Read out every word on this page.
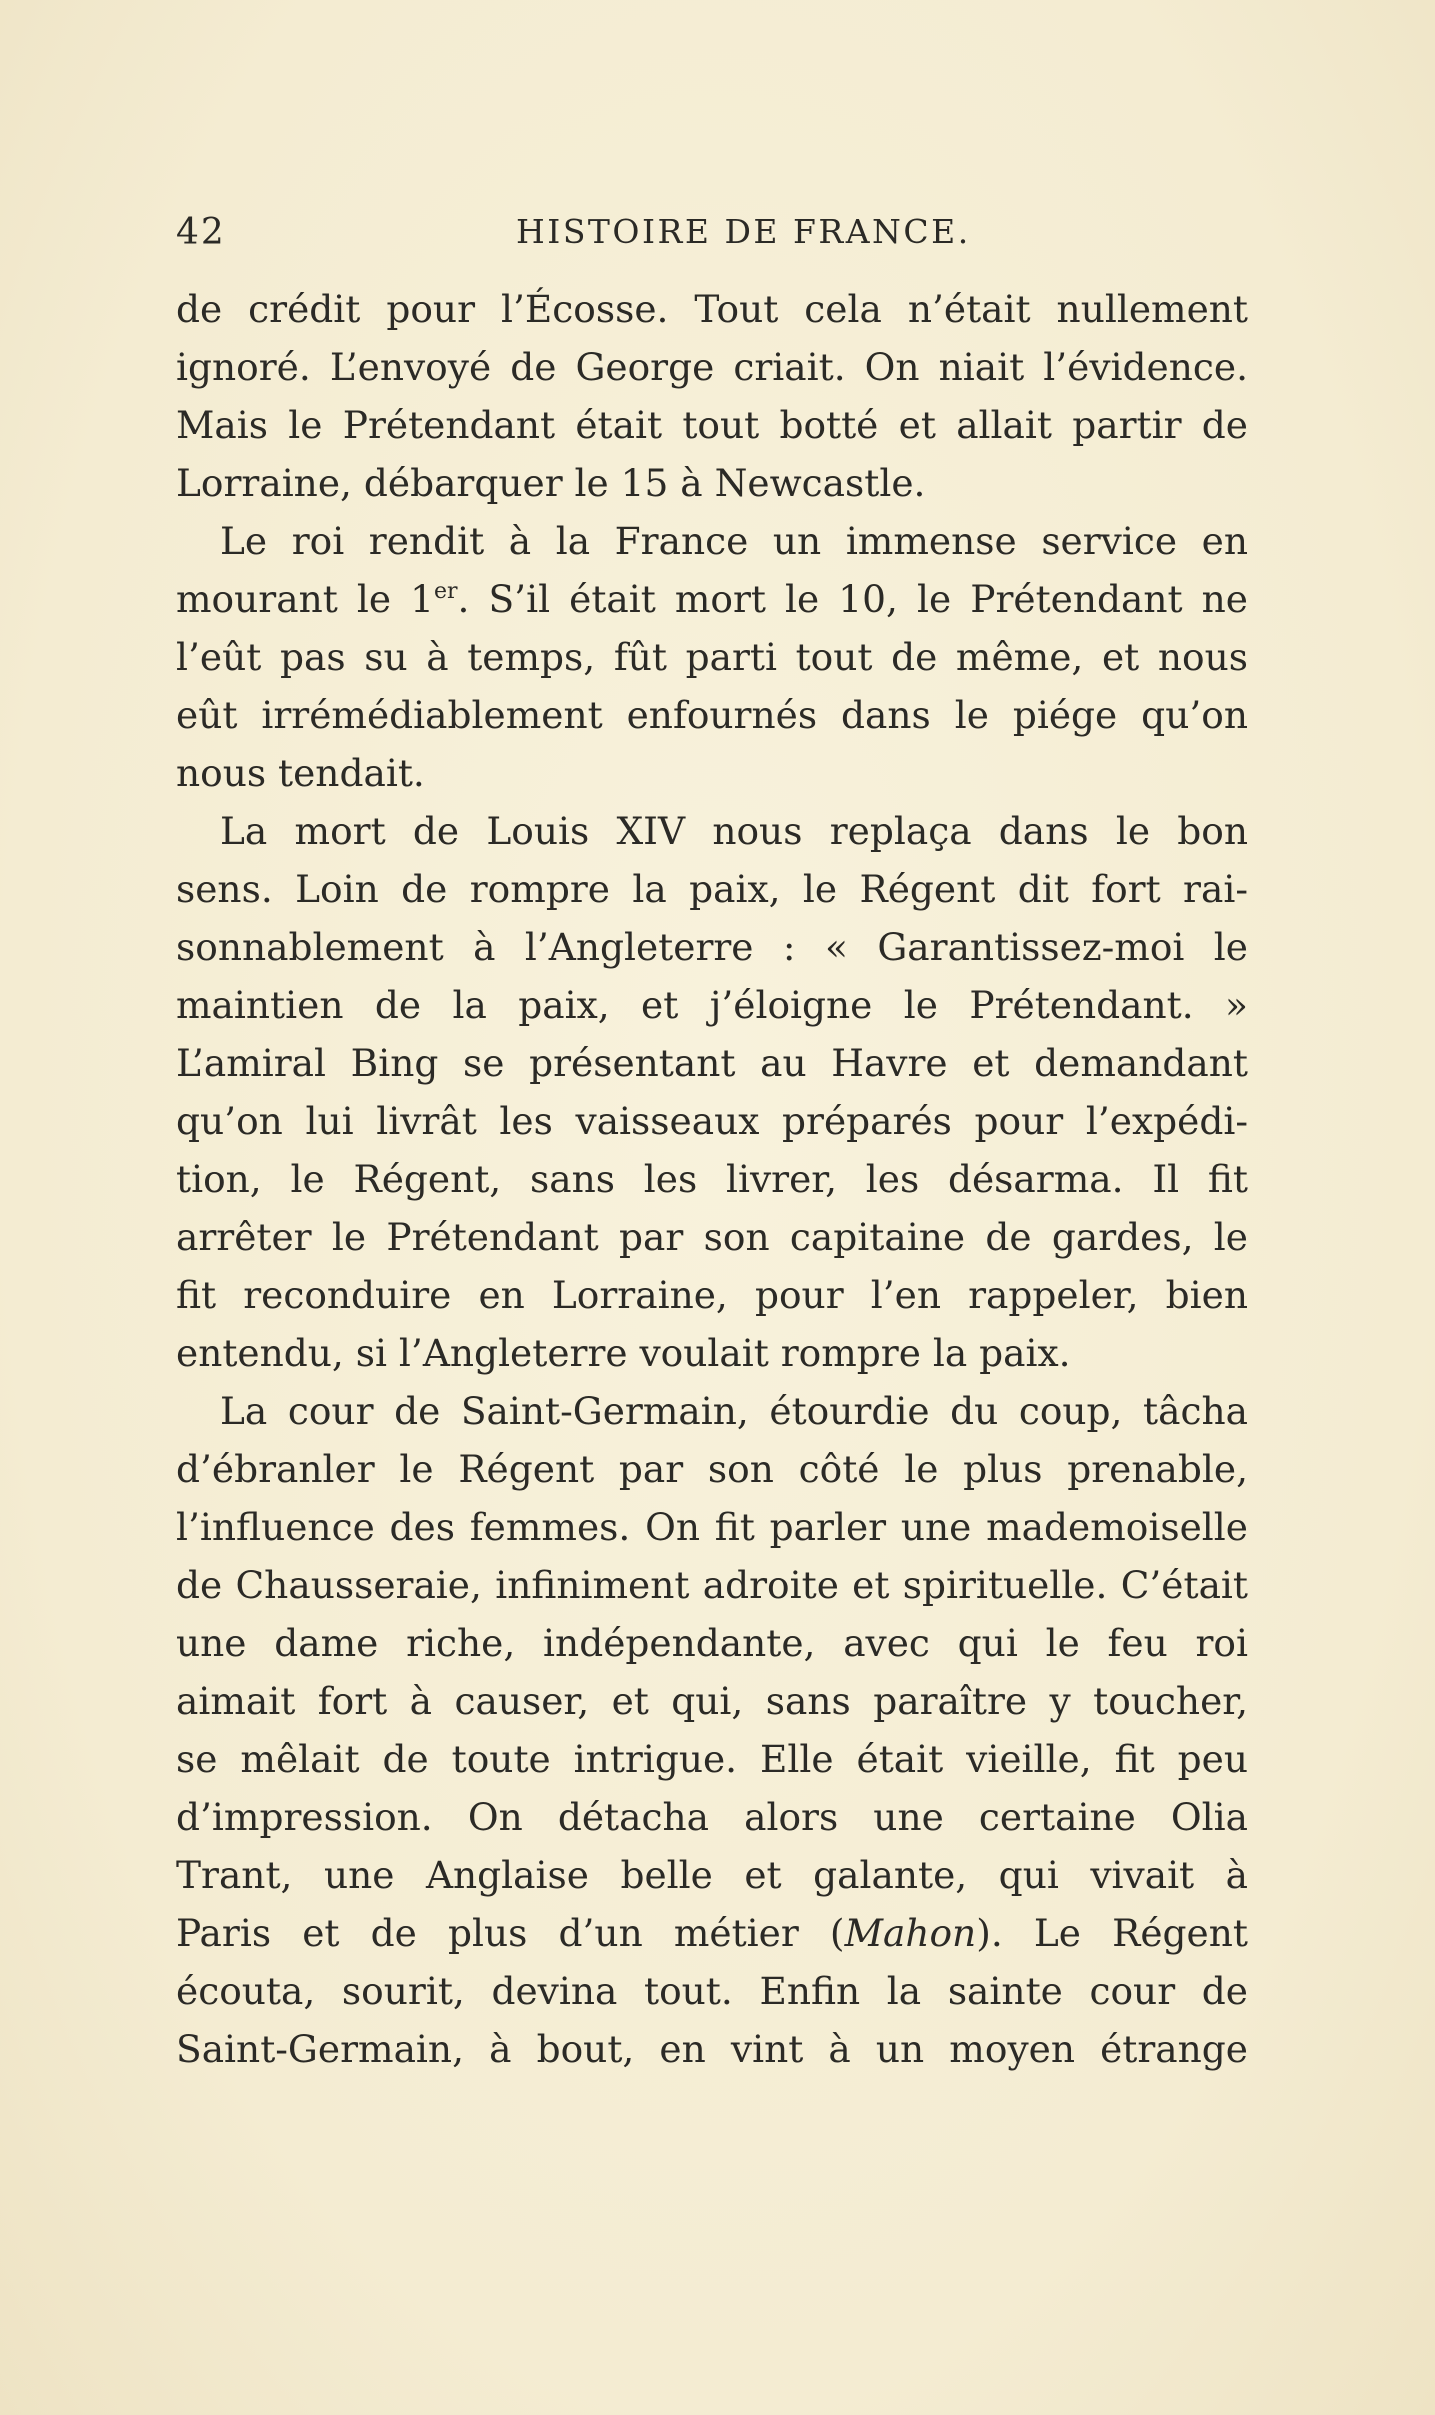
42	HISTOIRE DE FRANCE.
de crédit pour l’Écosse. Tout cela n’était nullement
ignoré. L’envoyé de George criait. On niait l’évidence.
Mais le Prétendant était tout botté et allait partir de
Lorraine, débarquer le 15 à Newcastle.
Le roi rendit à la France un immense service en
mourant le 1er. S’il était mort le 10, le Prétendant ne
l’eût pas su à temps, fût parti tout de même, et nous
eût irrémédiablement enfournés dans le piége qu’on
nous tendait.
La mort de Louis XIV nous replaça dans le bon
sens. Loin de rompre la paix, le Régent dit fort rai-
sonnablement à l’Angleterre : « Garantissez-moi le
maintien de la paix, et j’éloigne le Prétendant. »
L’amiral Bing se présentant au Havre et demandant
qu’on lui livrât les vaisseaux préparés pour l’expédi-
tion, le Régent, sans les livrer, les désarma. Il fit
arrêter le Prétendant par son capitaine de gardes, le
fit reconduire en Lorraine, pour l’en rappeler, bien
entendu, si l’Angleterre voulait rompre la paix.
La cour de Saint-Germain, étourdie du coup, tâcha
d’ébranler le Régent par son côté le plus prenable,
l’influence des femmes. On fit parler une mademoiselle
de Chausseraie, infiniment adroite et spirituelle. C’était
une dame riche, indépendante, avec qui le feu roi
aimait fort à causer, et qui, sans paraître y toucher,
se mêlait de toute intrigue. Elle était vieille, fit peu
d’impression. On détacha alors une certaine Olia
Trant, une Anglaise belle et galante, qui vivait à
Paris et de plus d’un métier (Mahon). Le Régent
écouta, sourit, devina tout. Enfin la sainte cour de
Saint-Germain, à bout, en vint à un moyen étrange
